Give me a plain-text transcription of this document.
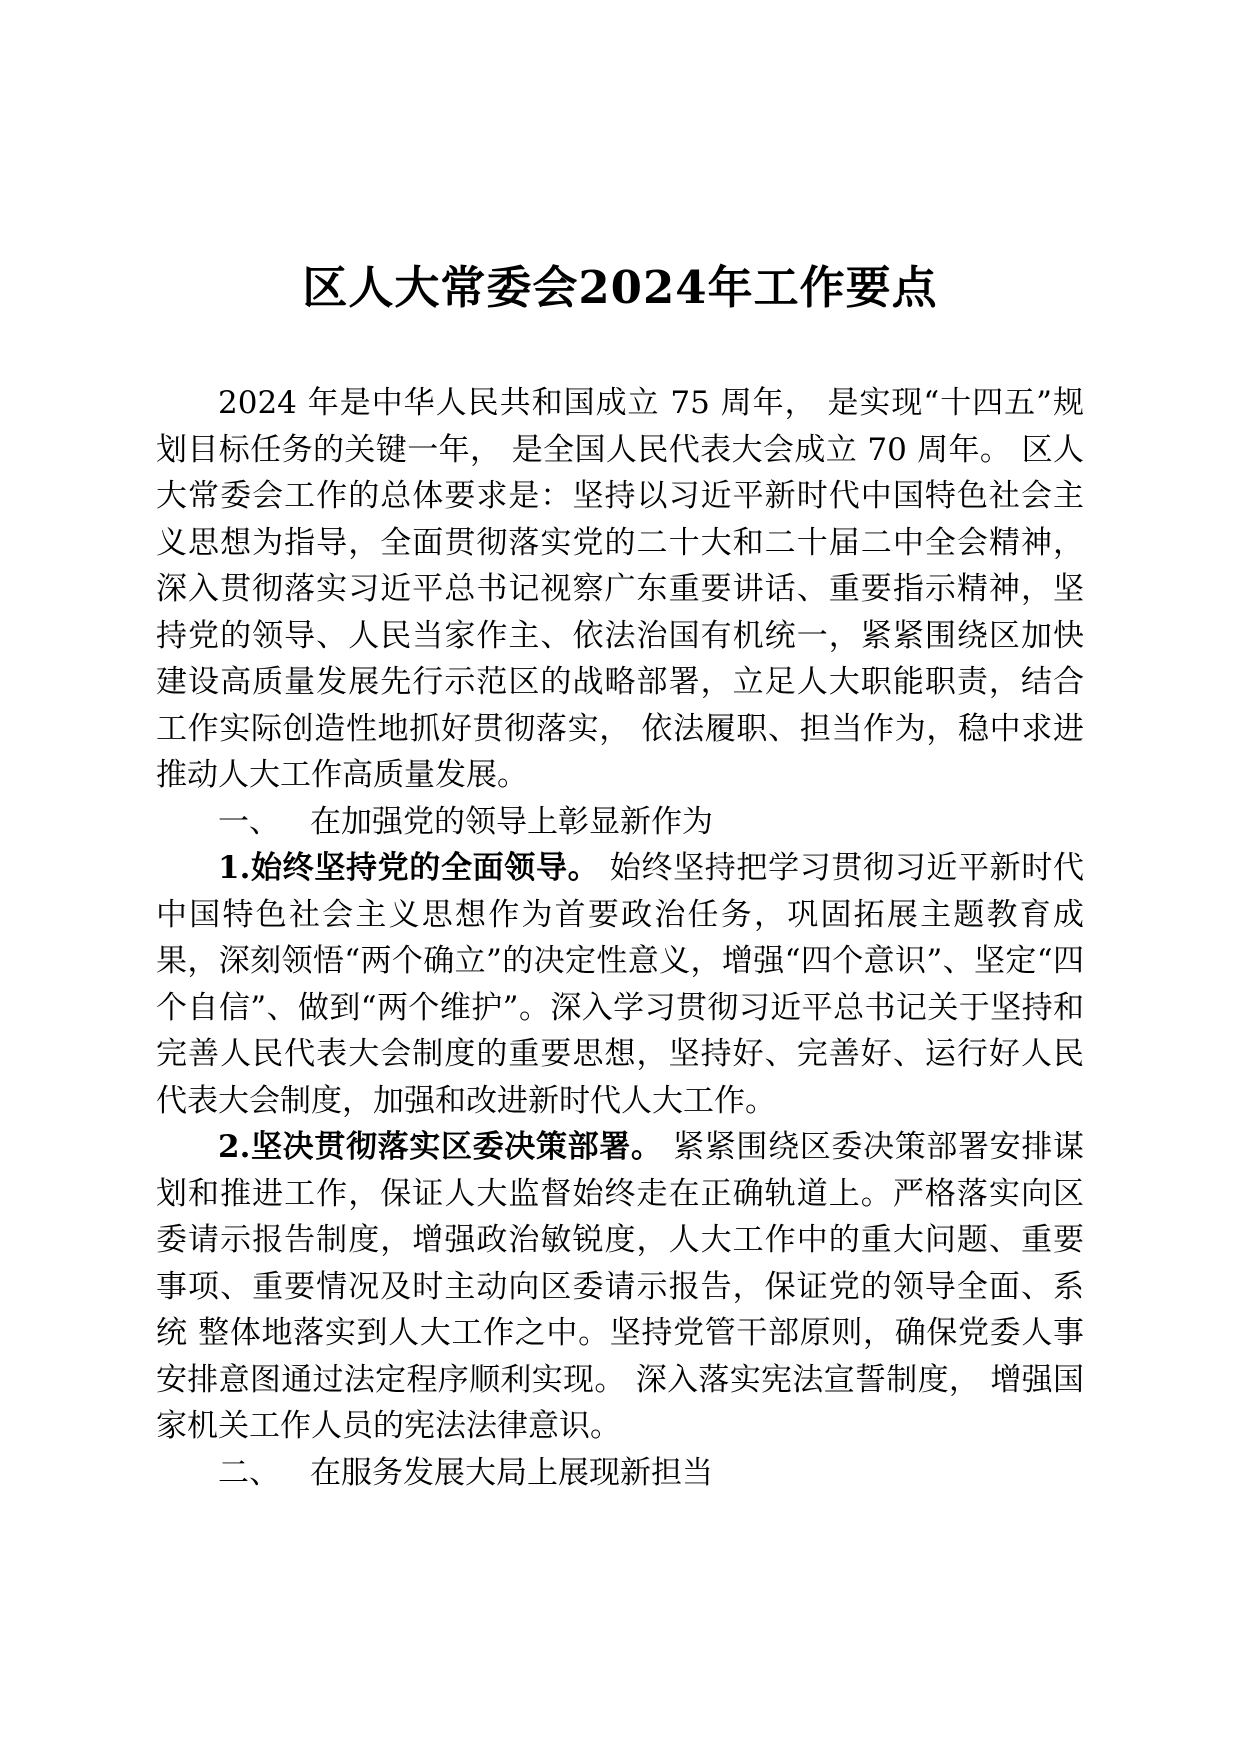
区人大常委会2024年工作要点

2024 年是中华人民共和国成立 75 周年， 是实现“十四五”规划目标任务的关键一年， 是全国人民代表大会成立 70 周年。 区人大常委会工作的总体要求是：坚持以习近平新时代中国特色社会主义思想为指导，全面贯彻落实党的二十大和二十届二中全会精神，深入贯彻落实习近平总书记视察广东重要讲话、重要指示精神，坚持党的领导、人民当家作主、依法治国有机统一，紧紧围绕区加快建设高质量发展先行示范区的战略部署，立足人大职能职责，结合工作实际创造性地抓好贯彻落实， 依法履职、担当作为，稳中求进推动人大工作高质量发展。

一、 在加强党的领导上彰显新作为

1.始终坚持党的全面领导。 始终坚持把学习贯彻习近平新时代中国特色社会主义思想作为首要政治任务，巩固拓展主题教育成果，深刻领悟“两个确立”的决定性意义，增强“四个意识”、坚定“四个自信”、做到“两个维护”。深入学习贯彻习近平总书记关于坚持和完善人民代表大会制度的重要思想，坚持好、完善好、运行好人民代表大会制度，加强和改进新时代人大工作。

2.坚决贯彻落实区委决策部署。 紧紧围绕区委决策部署安排谋划和推进工作，保证人大监督始终走在正确轨道上。严格落实向区委请示报告制度，增强政治敏锐度，人大工作中的重大问题、重要事项、重要情况及时主动向区委请示报告，保证党的领导全面、系统 整体地落实到人大工作之中。坚持党管干部原则，确保党委人事安排意图通过法定程序顺利实现。 深入落实宪法宣誓制度， 增强国家机关工作人员的宪法法律意识。

二、 在服务发展大局上展现新担当
